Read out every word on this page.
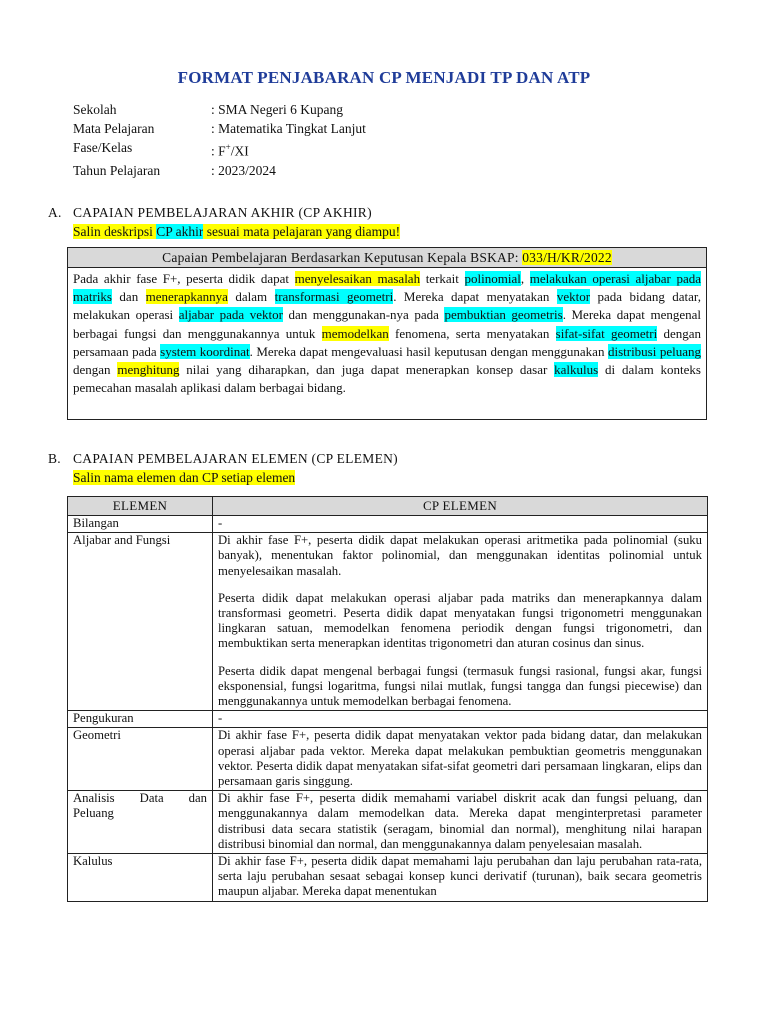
FORMAT PENJABARAN CP MENJADI TP DAN ATP
Sekolah	: SMA Negeri 6 Kupang
Mata Pelajaran	: Matematika Tingkat Lanjut
Fase/Kelas	: F+/XI
Tahun Pelajaran	: 2023/2024
A. CAPAIAN PEMBELAJARAN AKHIR (CP AKHIR)
Salin deskripsi CP akhir sesuai mata pelajaran yang diampu!
Capaian Pembelajaran Berdasarkan Keputusan Kepala BSKAP: 033/H/KR/2022
Pada akhir fase F+, peserta didik dapat menyelesaikan masalah terkait polinomial, melakukan operasi aljabar pada matriks dan menerapkannya dalam transformasi geometri. Mereka dapat menyatakan vektor pada bidang datar, melakukan operasi aljabar pada vektor dan menggunakan-nya pada pembuktian geometris. Mereka dapat mengenal berbagai fungsi dan menggunakannya untuk memodelkan fenomena, serta menyatakan sifat-sifat geometri dengan persamaan pada system koordinat. Mereka dapat mengevaluasi hasil keputusan dengan menggunakan distribusi peluang dengan menghitung nilai yang diharapkan, dan juga dapat menerapkan konsep dasar kalkulus di dalam konteks pemecahan masalah aplikasi dalam berbagai bidang.
B. CAPAIAN PEMBELAJARAN ELEMEN (CP ELEMEN)
Salin nama elemen dan CP setiap elemen
ELEMEN	CP ELEMEN
Bilangan	-

Aljabar and Fungsi	Di akhir fase F+, peserta didik dapat melakukan operasi aritmetika pada polinomial (suku banyak), menentukan faktor polinomial, dan menggunakan identitas polinomial untuk menyelesaikan masalah.

Peserta didik dapat melakukan operasi aljabar pada matriks dan menerapkannya dalam transformasi geometri. Peserta didik dapat menyatakan fungsi trigonometri menggunakan lingkaran satuan, memodelkan fenomena periodik dengan fungsi trigonometri, dan membuktikan serta menerapkan identitas trigonometri dan aturan cosinus dan sinus.

Peserta didik dapat mengenal berbagai fungsi (termasuk fungsi rasional, fungsi akar, fungsi eksponensial, fungsi logaritma, fungsi nilai mutlak, fungsi tangga dan fungsi piecewise) dan menggunakannya untuk memodelkan berbagai fenomena.

Pengukuran	-

Geometri	Di akhir fase F+, peserta didik dapat menyatakan vektor pada bidang datar, dan melakukan operasi aljabar pada vektor. Mereka dapat melakukan pembuktian geometris menggunakan vektor. Peserta didik dapat menyatakan sifat-sifat geometri dari persamaan lingkaran, elips dan persamaan garis singgung.

Analisis Data dan Peluang	Di akhir fase F+, peserta didik memahami variabel diskrit acak dan fungsi peluang, dan menggunakannya dalam memodelkan data. Mereka dapat menginterpretasi parameter distribusi data secara statistik (seragam, binomial dan normal), menghitung nilai harapan distribusi binomial dan normal, dan menggunakannya dalam penyelesaian masalah.

Kalulus	Di akhir fase F+, peserta didik dapat memahami laju perubahan dan laju perubahan rata-rata, serta laju perubahan sesaat sebagai konsep kunci derivatif (turunan), baik secara geometris maupun aljabar. Mereka dapat menentukan
